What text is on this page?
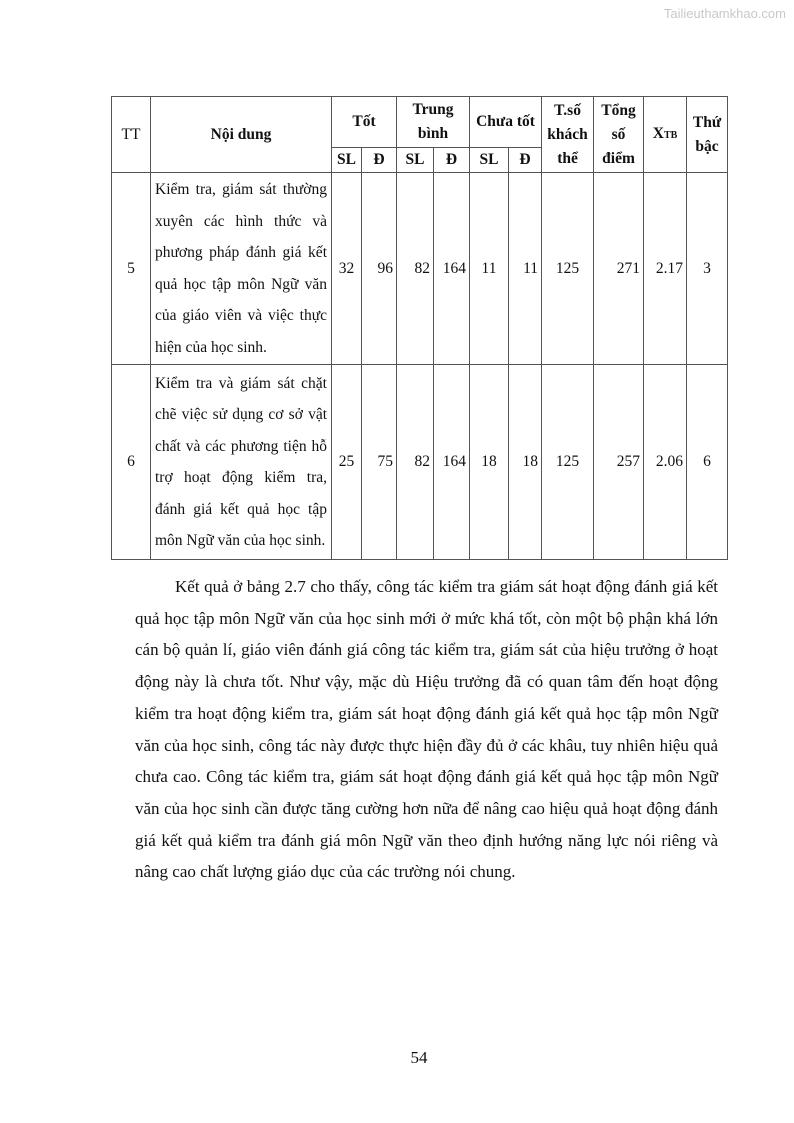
Tailieuthamkhao.com
TT	Nội dung	Tốt		Trung bình		Chưa tốt		T.số khách thể	Tổng số điểm	XTB	Thứ bậc
		SL	Đ	SL	Đ	SL	Đ				
5	Kiểm tra, giám sát thường xuyên các hình thức và phương pháp đánh giá kết quả học tập môn Ngữ văn của giáo viên và việc thực hiện của học sinh.	32	96	82	164	11	11	125	271	2.17	3
6	Kiểm tra và giám sát chặt chẽ việc sử dụng cơ sở vật chất và các phương tiện hỗ trợ hoạt động kiểm tra, đánh giá kết quả học tập môn Ngữ văn của học sinh.	25	75	82	164	18	18	125	257	2.06	6

Kết quả ở bảng 2.7 cho thấy, công tác kiểm tra giám sát hoạt động đánh giá kết quả học tập môn Ngữ văn của học sinh mới ở mức khá tốt, còn một bộ phận khá lớn cán bộ quản lí, giáo viên đánh giá công tác kiểm tra, giám sát của hiệu trưởng ở hoạt động này là chưa tốt. Như vậy, mặc dù Hiệu trưởng đã có quan tâm đến hoạt động kiểm tra hoạt động kiểm tra, giám sát hoạt động đánh giá kết quả học tập môn Ngữ văn của học sinh, công tác này được thực hiện đầy đủ ở các khâu, tuy nhiên hiệu quả chưa cao. Công tác kiểm tra, giám sát hoạt động đánh giá kết quả học tập môn Ngữ văn của học sinh cần được tăng cường hơn nữa để nâng cao hiệu quả hoạt động đánh giá kết quả kiểm tra đánh giá môn Ngữ văn theo định hướng năng lực nói riêng và nâng cao chất lượng giáo dục của các trường nói chung.

54
